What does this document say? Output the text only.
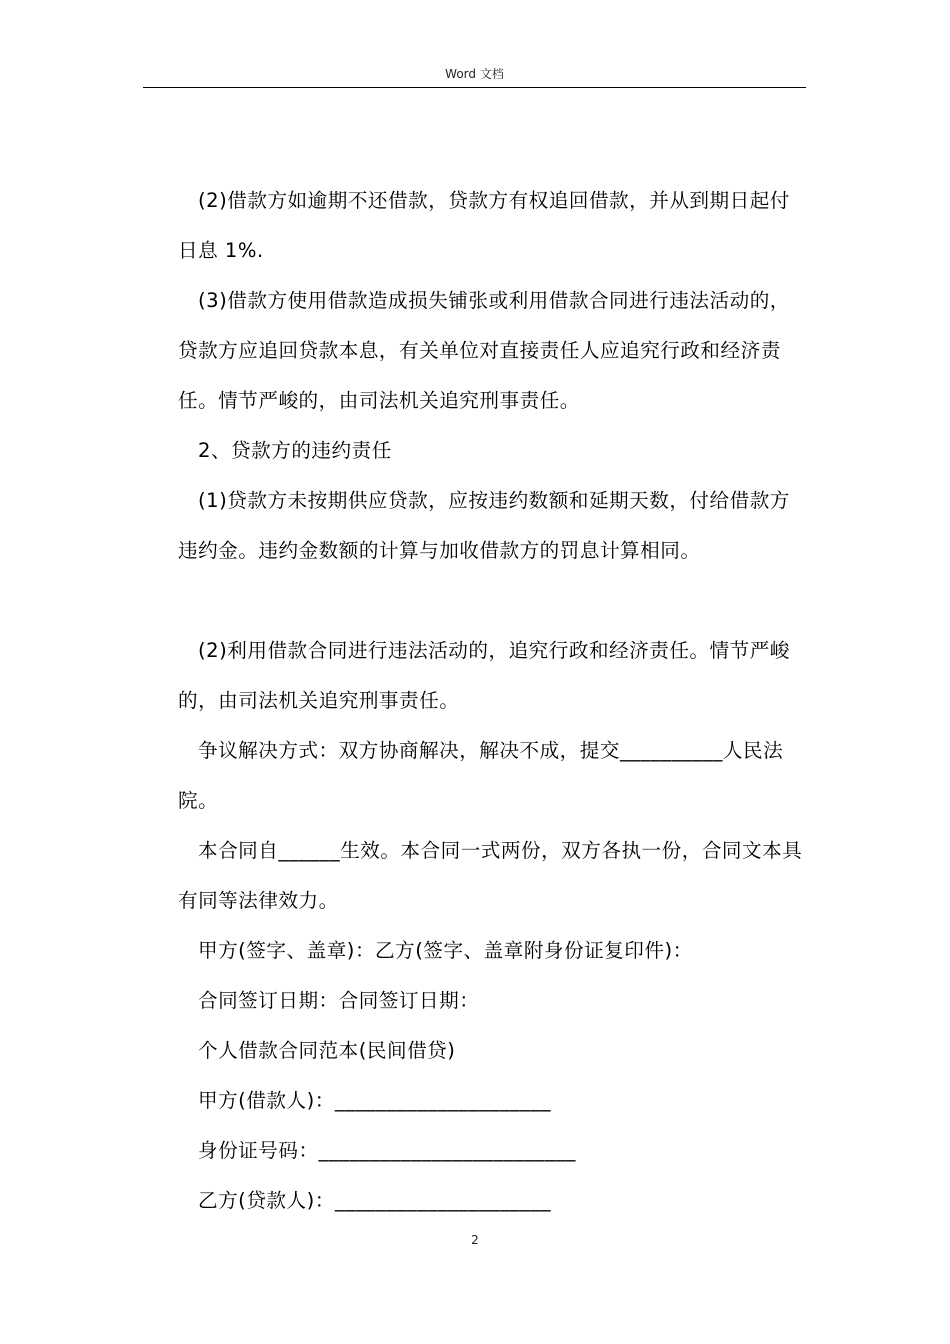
Word 文档

(2)借款方如逾期不还借款，贷款方有权追回借款，并从到期日起付日息 1%.

(3)借款方使用借款造成损失铺张或利用借款合同进行违法活动的，贷款方应追回贷款本息，有关单位对直接责任人应追究行政和经济责任。情节严峻的，由司法机关追究刑事责任。

2、贷款方的违约责任

(1)贷款方未按期供应贷款，应按违约数额和延期天数，付给借款方违约金。违约金数额的计算与加收借款方的罚息计算相同。

(2)利用借款合同进行违法活动的，追究行政和经济责任。情节严峻的，由司法机关追究刑事责任。

争议解决方式：双方协商解决，解决不成，提交__________人民法院。

本合同自______生效。本合同一式两份，双方各执一份，合同文本具有同等法律效力。

甲方(签字、盖章)：乙方(签字、盖章附身份证复印件)：

合同签订日期：合同签订日期：

个人借款合同范本(民间借贷)

甲方(借款人)：_____________________

身份证号码：_________________________

乙方(贷款人)：_____________________

2
